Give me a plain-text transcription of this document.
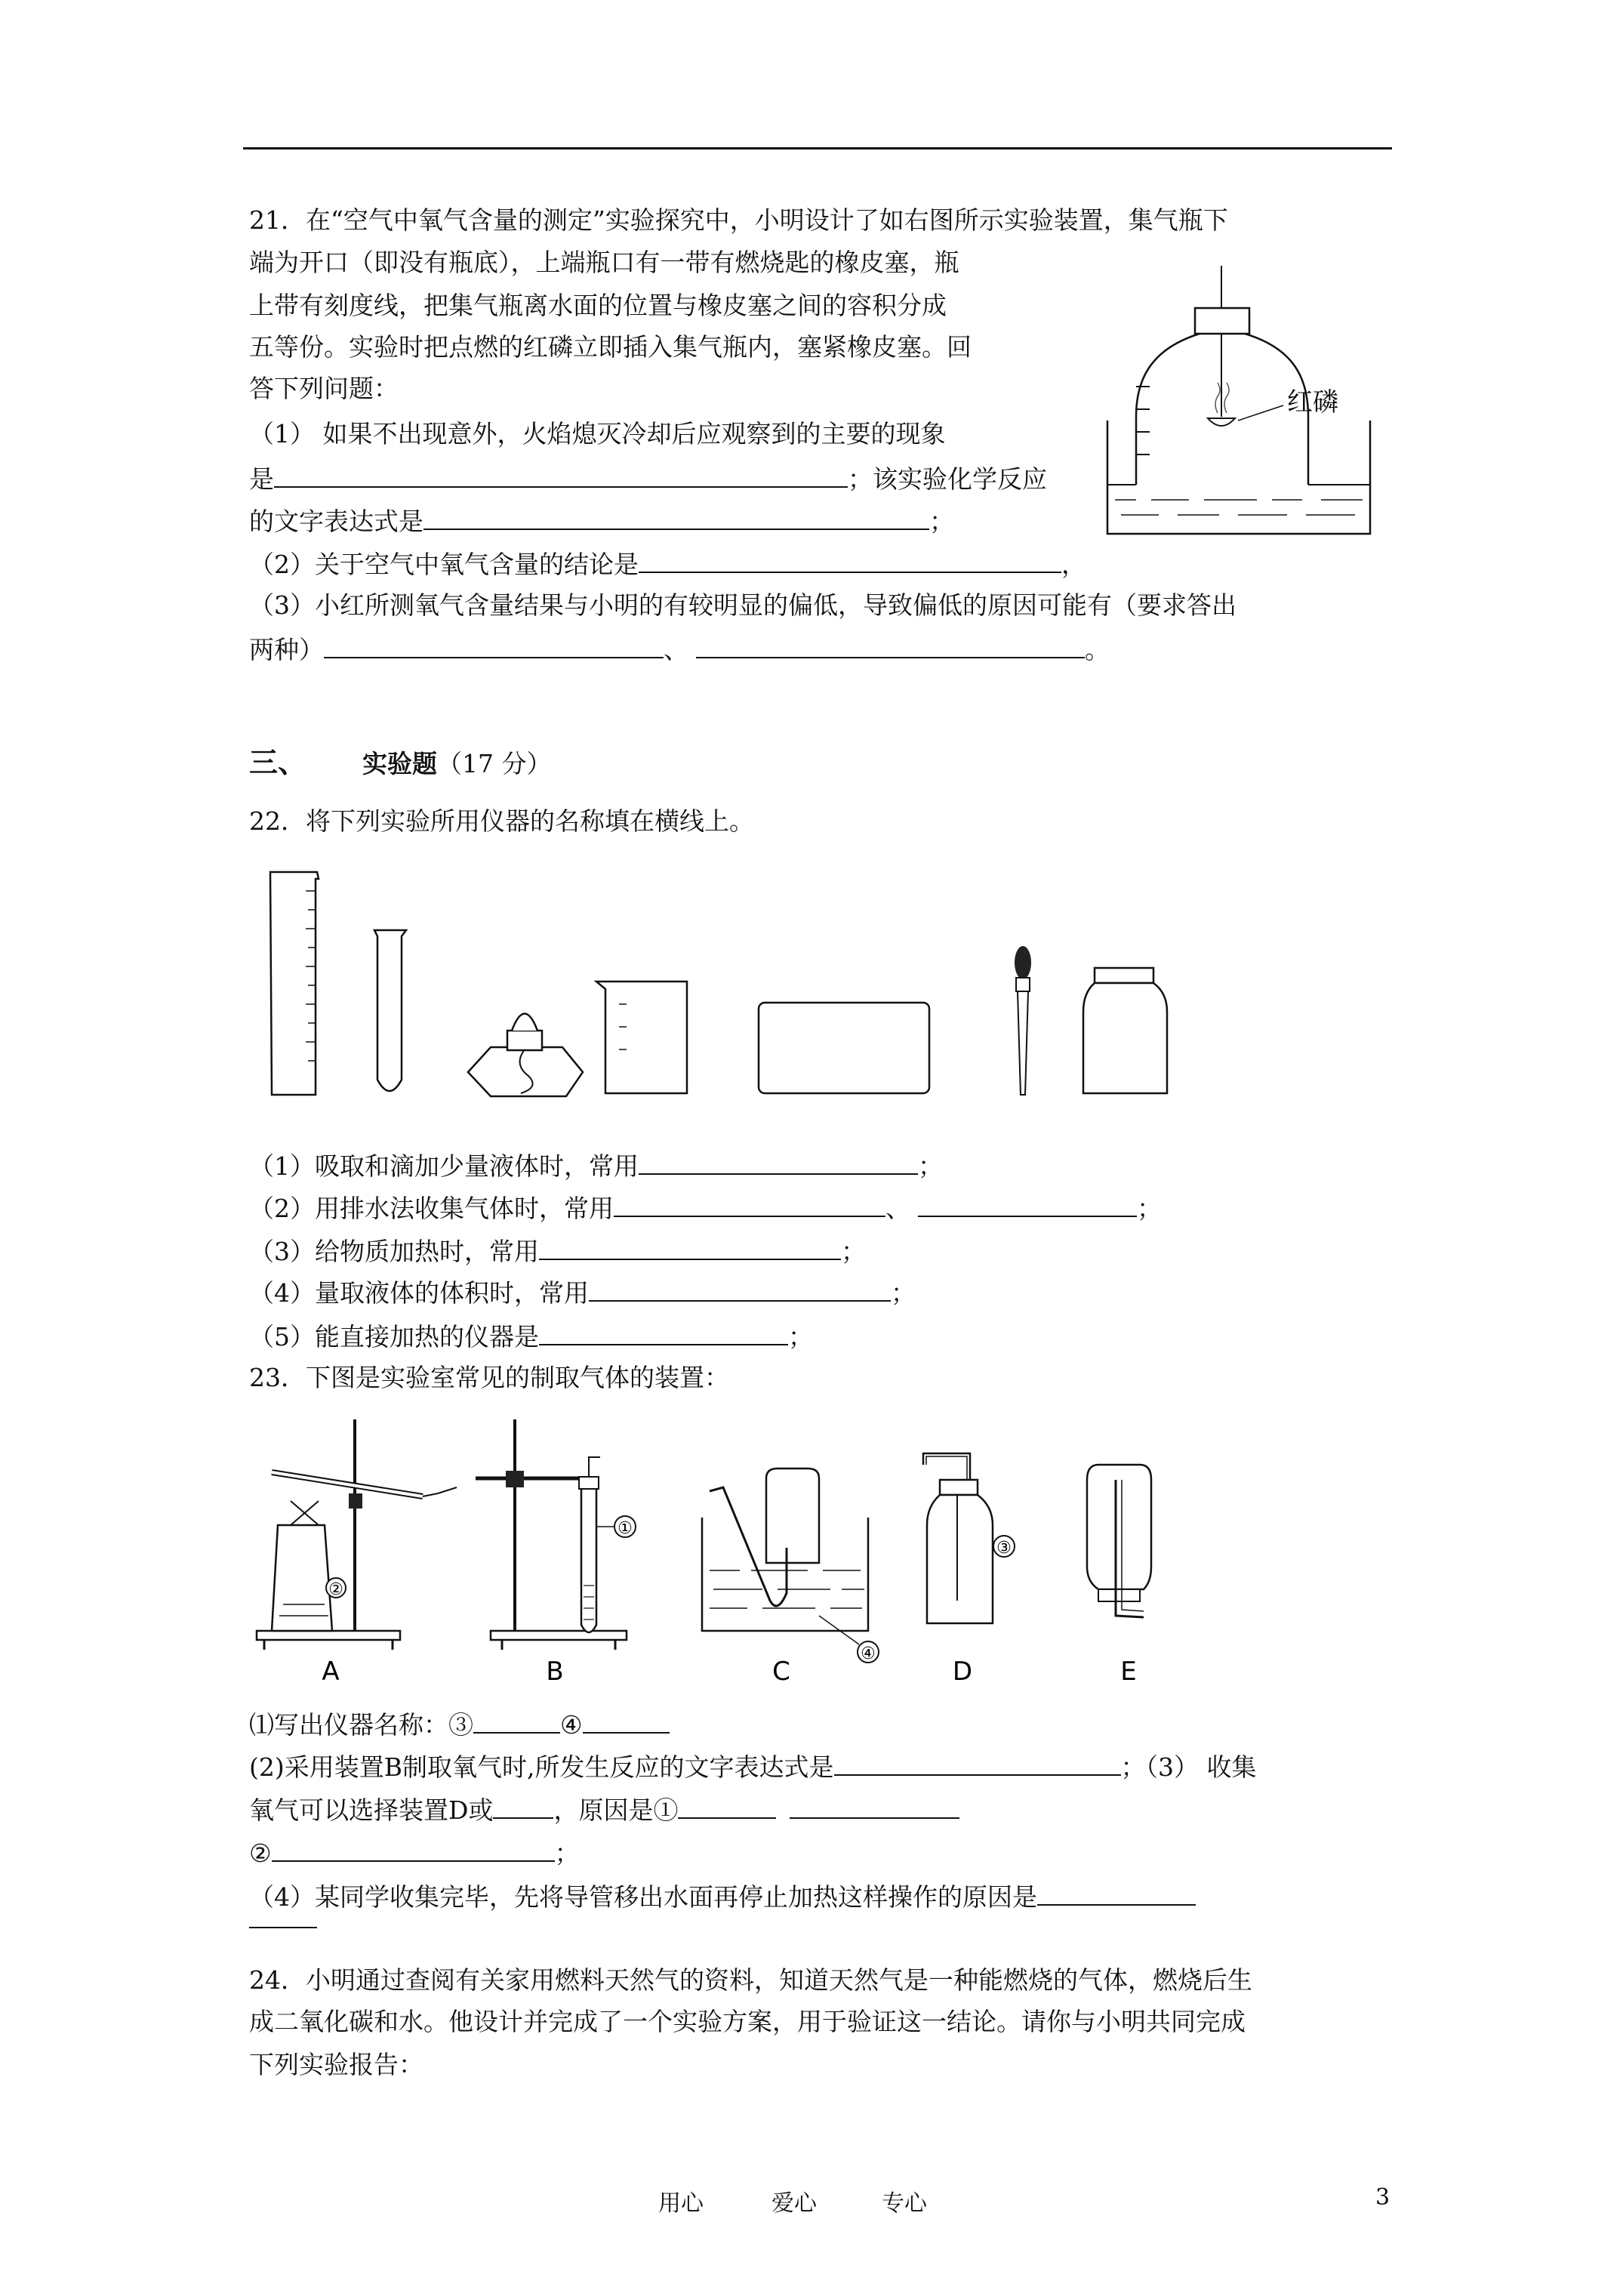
21．在“空气中氧气含量的测定”实验探究中，小明设计了如右图所示实验装置，集气瓶下
端为开口（即没有瓶底），上端瓶口有一带有燃烧匙的橡皮塞，瓶
上带有刻度线，把集气瓶离水面的位置与橡皮塞之间的容积分成
五等份。实验时把点燃的红磷立即插入集气瓶内，塞紧橡皮塞。回
答下列问题：
（1） 如果不出现意外，火焰熄灭冷却后应观察到的主要的现象
是	；该实验化学反应
的文字表达式是	；
（2）关于空气中氧气含量的结论是	，
（3）小红所测氧气含量结果与小明的有较明显的偏低，导致偏低的原因可能有（要求答出
两种）	、	。
红磷
三、 实验题（17 分）
22．将下列实验所用仪器的名称填在横线上。
（1）吸取和滴加少量液体时，常用	；
（2）用排水法收集气体时，常用	、	；
（3）给物质加热时，常用	；
（4）量取液体的体积时，常用	；
（5）能直接加热的仪器是	；
23．下图是实验室常见的制取气体的装置：
②
A
①
B
④
C
③
D	E
⑴写出仪器名称：③	④
(2)采用装置B制取氧气时,所发生反应的文字表达式是	；（3） 收集
氧气可以选择装置D或 ，原因是①
②	；
（4）某同学收集完毕，先将导管移出水面再停止加热这样操作的原因是
24．小明通过查阅有关家用燃料天然气的资料，知道天然气是一种能燃烧的气体，燃烧后生
成二氧化碳和水。他设计并完成了一个实验方案，用于验证这一结论。请你与小明共同完成
下列实验报告：
用心	爱心	专心	3
